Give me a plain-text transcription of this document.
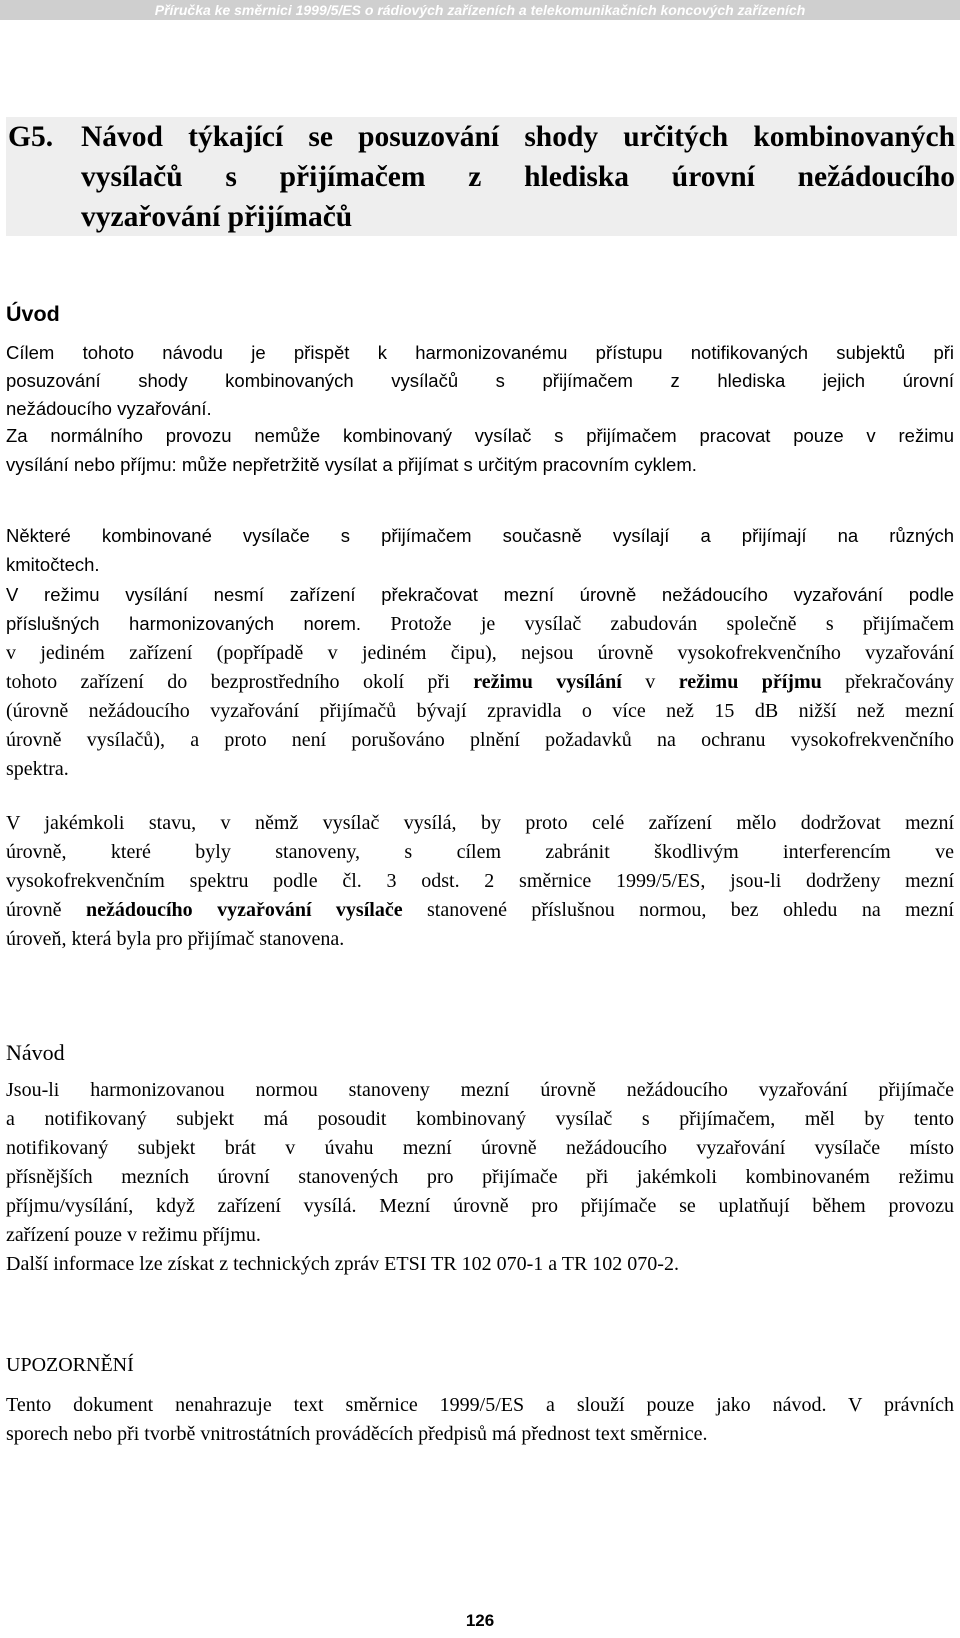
Příručka ke směrnici 1999/5/ES o rádiových zařízeních a telekomunikačních koncových zařízeních
G5. Návod týkající se posuzování shody určitých kombinovaných
vysílačů s přijímačem z hlediska úrovní nežádoucího
vyzařování přijímačů
Úvod
Cílem tohoto návodu je přispět k harmonizovanému přístupu notifikovaných subjektů při
posuzování shody kombinovaných vysílačů s přijímačem z hlediska jejich úrovní
nežádoucího vyzařování.
Za normálního provozu nemůže kombinovaný vysílač s přijímačem pracovat pouze v režimu
vysílání nebo příjmu: může nepřetržitě vysílat a přijímat s určitým pracovním cyklem.
Některé kombinované vysílače s přijímačem současně vysílají a přijímají na různých
kmitočtech.
V režimu vysílání nesmí zařízení překračovat mezní úrovně nežádoucího vyzařování podle
příslušných harmonizovaných norem. Protože je vysílač zabudován společně s přijímačem
v jediném zařízení (popřípadě v jediném čipu), nejsou úrovně vysokofrekvenčního vyzařování
tohoto zařízení do bezprostředního okolí při režimu vysílání v režimu příjmu překračovány
(úrovně nežádoucího vyzařování přijímačů bývají zpravidla o více než 15 dB nižší než mezní
úrovně vysílačů), a proto není porušováno plnění požadavků na ochranu vysokofrekvenčního
spektra.
V jakémkoli stavu, v němž vysílač vysílá, by proto celé zařízení mělo dodržovat mezní
úrovně, které byly stanoveny, s cílem zabránit škodlivým interferencím ve
vysokofrekvenčním spektru podle čl. 3 odst. 2 směrnice 1999/5/ES, jsou-li dodrženy mezní
úrovně nežádoucího vyzařování vysílače stanovené příslušnou normou, bez ohledu na mezní
úroveň, která byla pro přijímač stanovena.
Návod
Jsou-li harmonizovanou normou stanoveny mezní úrovně nežádoucího vyzařování přijímače
a notifikovaný subjekt má posoudit kombinovaný vysílač s přijímačem, měl by tento
notifikovaný subjekt brát v úvahu mezní úrovně nežádoucího vyzařování vysílače místo
přísnějších mezních úrovní stanovených pro přijímače při jakémkoli kombinovaném režimu
příjmu/vysílání, když zařízení vysílá. Mezní úrovně pro přijímače se uplatňují během provozu
zařízení pouze v režimu příjmu.
Další informace lze získat z technických zpráv ETSI TR 102 070-1 a TR 102 070-2.
UPOZORNĚNÍ
Tento dokument nenahrazuje text směrnice 1999/5/ES a slouží pouze jako návod. V právních
sporech nebo při tvorbě vnitrostátních prováděcích předpisů má přednost text směrnice.
126
